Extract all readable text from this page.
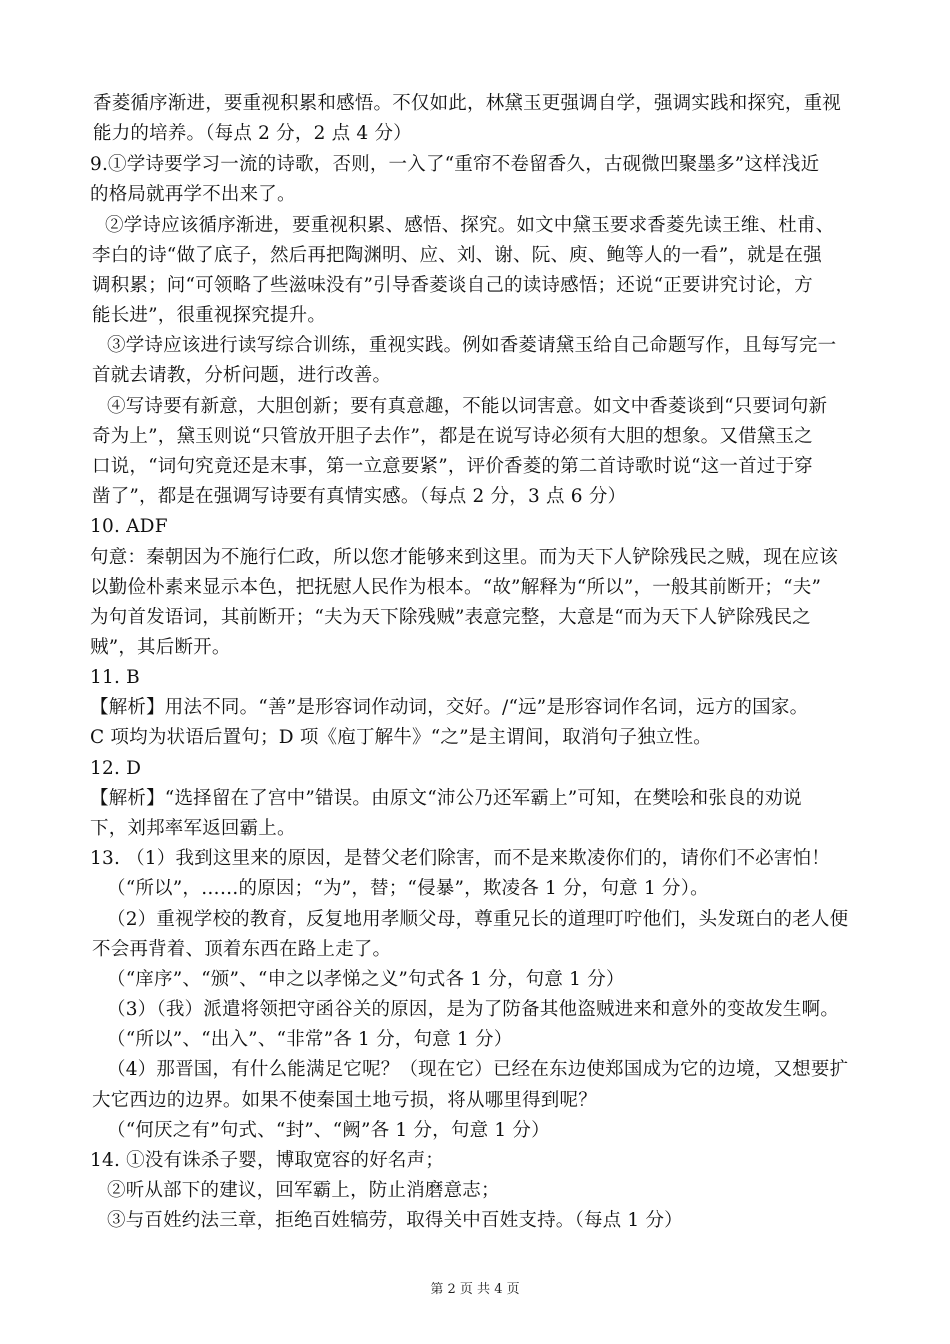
香菱循序渐进，要重视积累和感悟。不仅如此，林黛玉更强调自学，强调实践和探究，重视
能力的培养。（每点 2 分，2 点 4 分）
9.①学诗要学习一流的诗歌，否则，一入了“重帘不卷留香久，古砚微凹聚墨多”这样浅近
的格局就再学不出来了。
②学诗应该循序渐进，要重视积累、感悟、探究。如文中黛玉要求香菱先读王维、杜甫、
李白的诗“做了底子，然后再把陶渊明、应、刘、谢、阮、庾、鲍等人的一看”，就是在强
调积累；问“可领略了些滋味没有”引导香菱谈自己的读诗感悟；还说“正要讲究讨论，方
能长进”，很重视探究提升。
③学诗应该进行读写综合训练，重视实践。例如香菱请黛玉给自己命题写作，且每写完一
首就去请教，分析问题，进行改善。
④写诗要有新意，大胆创新；要有真意趣，不能以词害意。如文中香菱谈到“只要词句新
奇为上”，黛玉则说“只管放开胆子去作”，都是在说写诗必须有大胆的想象。又借黛玉之
口说，“词句究竟还是末事，第一立意要紧”，评价香菱的第二首诗歌时说“这一首过于穿
凿了”，都是在强调写诗要有真情实感。（每点 2 分，3 点 6 分）
10. ADF
句意：秦朝因为不施行仁政，所以您才能够来到这里。而为天下人铲除残民之贼，现在应该
以勤俭朴素来显示本色，把抚慰人民作为根本。“故”解释为“所以”，一般其前断开；“夫”
为句首发语词，其前断开；“夫为天下除残贼”表意完整，大意是“而为天下人铲除残民之
贼”，其后断开。
11. B
【解析】用法不同。“善”是形容词作动词，交好。/“远”是形容词作名词，远方的国家。
C 项均为状语后置句；D 项《庖丁解牛》“之”是主谓间，取消句子独立性。
12. D
【解析】“选择留在了宫中”错误。由原文“沛公乃还军霸上”可知，在樊哙和张良的劝说
下，刘邦率军返回霸上。
13. （1）我到这里来的原因，是替父老们除害，而不是来欺凌你们的，请你们不必害怕！
（“所以”，……的原因；“为”，替；“侵暴”，欺凌各 1 分，句意 1 分）。
（2）重视学校的教育，反复地用孝顺父母，尊重兄长的道理叮咛他们，头发斑白的老人便
不会再背着、顶着东西在路上走了。
（“庠序”、“颁”、“申之以孝悌之义”句式各 1 分，句意 1 分）
（3）（我）派遣将领把守函谷关的原因，是为了防备其他盗贼进来和意外的变故发生啊。
（“所以”、“出入”、“非常”各 1 分，句意 1 分）
（4）那晋国，有什么能满足它呢？（现在它）已经在东边使郑国成为它的边境，又想要扩
大它西边的边界。如果不使秦国土地亏损，将从哪里得到呢？
（“何厌之有”句式、“封”、“阙”各 1 分，句意 1 分）
14. ①没有诛杀子婴，博取宽容的好名声；
②听从部下的建议，回军霸上，防止消磨意志；
③与百姓约法三章，拒绝百姓犒劳，取得关中百姓支持。（每点 1 分）
第 2 页 共 4 页
